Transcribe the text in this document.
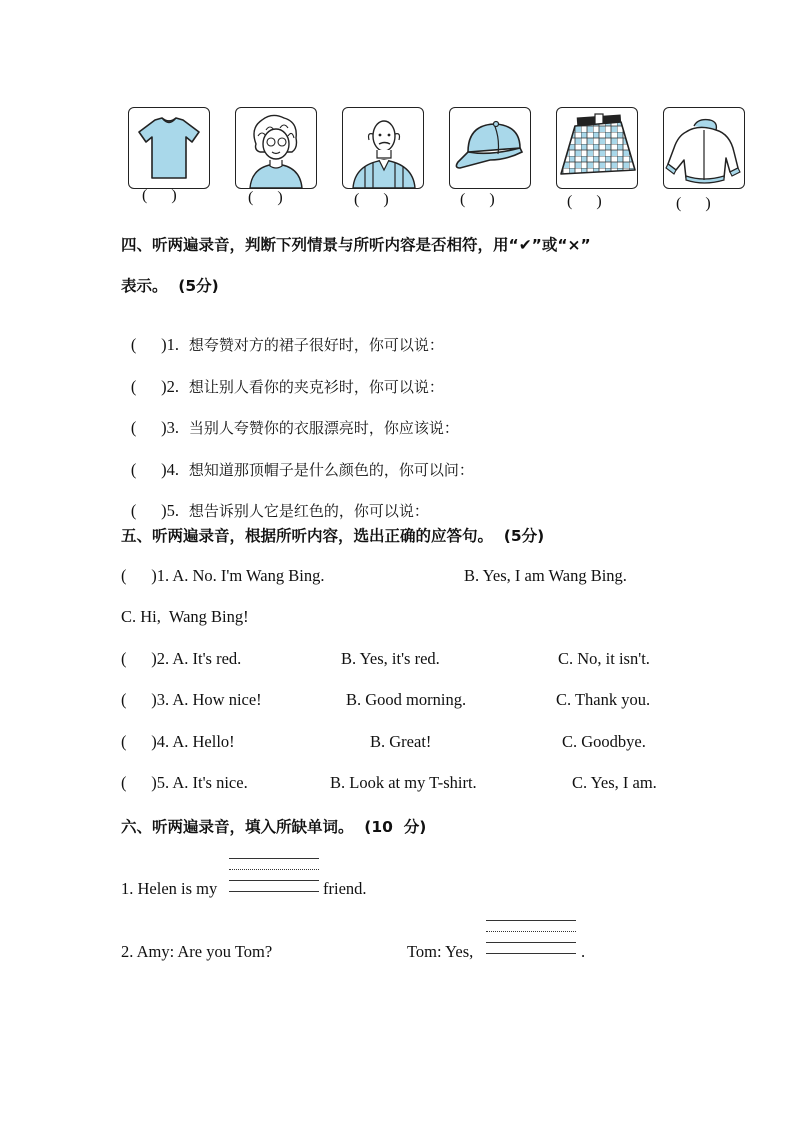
(      )	(      )	(      )	(      )	(      )	(      )
四、听两遍录音，判断下列情景与所听内容是否相符，用“✔”或“×”
表示。  (5分)

(      )1. 想夸赞对方的裙子很好时，你可以说：

(      )2. 想让别人看你的夹克衫时，你可以说：

(      )3. 当别人夸赞你的衣服漂亮时，你应该说：

(      )4. 想知道那顶帽子是什么颜色的，你可以问：

(      )5. 想告诉别人它是红色的，你可以说：

五、听两遍录音，根据所听内容，选出正确的应答句。  (5分)
(      )1. A. No. I'm Wang Bing.	B. Yes, I am Wang Bing.
C. Hi,  Wang Bing!
(      )2. A. It's red.	B. Yes, it's red.	C. No, it isn't.
(      )3. A. How nice!	B. Good morning.	C. Thank you.
(      )4. A. Hello!	B. Great!	C. Goodbye.
(      )5. A. It's nice.	B. Look at my T-shirt.	C. Yes, I am.
六、听两遍录音，填入所缺单词。  (10  分)
1. Helen is my	friend.
2. Amy: Are you Tom?	Tom: Yes,	.
